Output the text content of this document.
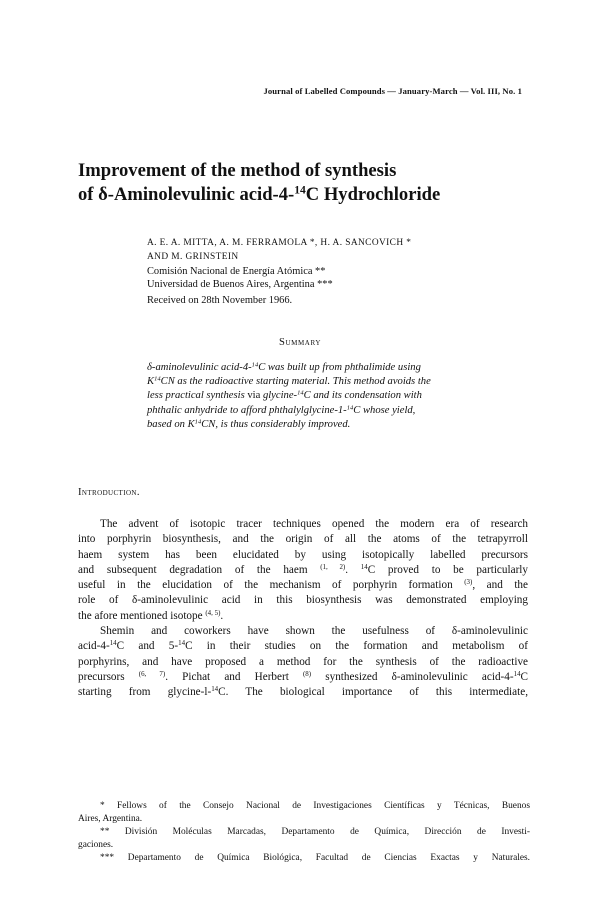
Journal of Labelled Compounds — January-March — Vol. III, No. 1
Improvement of the method of synthesis
of δ-Aminolevulinic acid-4-$^{14}$C Hydrochloride
A. E. A. MITTA, A. M. FERRAMOLA *, H. A. SANCOVICH *
AND M. GRINSTEIN
Comisión Nacional de Energía Atómica **
Universidad de Buenos Aires, Argentina ***
Received on 28th November 1966.
Summary
δ-aminolevulinic acid-4-$^{14}$C was built up from phthalimide using
$K^{14}CN$ as the radioactive starting material. This method avoids the
less practical synthesis via glycine-$^{14}$C and its condensation with
phthalic anhydride to afford phthalylglycine-1-$^{14}$C whose yield,
based on $K^{14}CN$, is thus considerably improved.
Introduction.
The advent of isotopic tracer techniques opened the modern era of research
into porphyrin biosynthesis, and the origin of all the atoms of the tetrapyrroll
haem system has been elucidated by using isotopically labelled precursors
and subsequent degradation of the haem $^{(1, 2)}$. $^{14}$C proved to be particularly
useful in the elucidation of the mechanism of porphyrin formation $^{(3)}$, and the
role of δ-aminolevulinic acid in this biosynthesis was demonstrated employing
the afore mentioned isotope $^{(4, 5)}$.
Shemin and coworkers have shown the usefulness of δ-aminolevulinic
acid-4-$^{14}$C and 5-$^{14}$C in their studies on the formation and metabolism of
porphyrins, and have proposed a method for the synthesis of the radioactive
precursors $^{(6, 7)}$. Pichat and Herbert $^{(8)}$ synthesized δ-aminolevulinic acid-4-$^{14}$C
starting from glycine-l-$^{14}$C. The biological importance of this intermediate,
* Fellows of the Consejo Nacional de Investigaciones Científicas y Técnicas, Buenos
Aires, Argentina.
** División Moléculas Marcadas, Departamento de Química, Dirección de Investi-
gaciones.
*** Departamento de Química Biológica, Facultad de Ciencias Exactas y Naturales.
